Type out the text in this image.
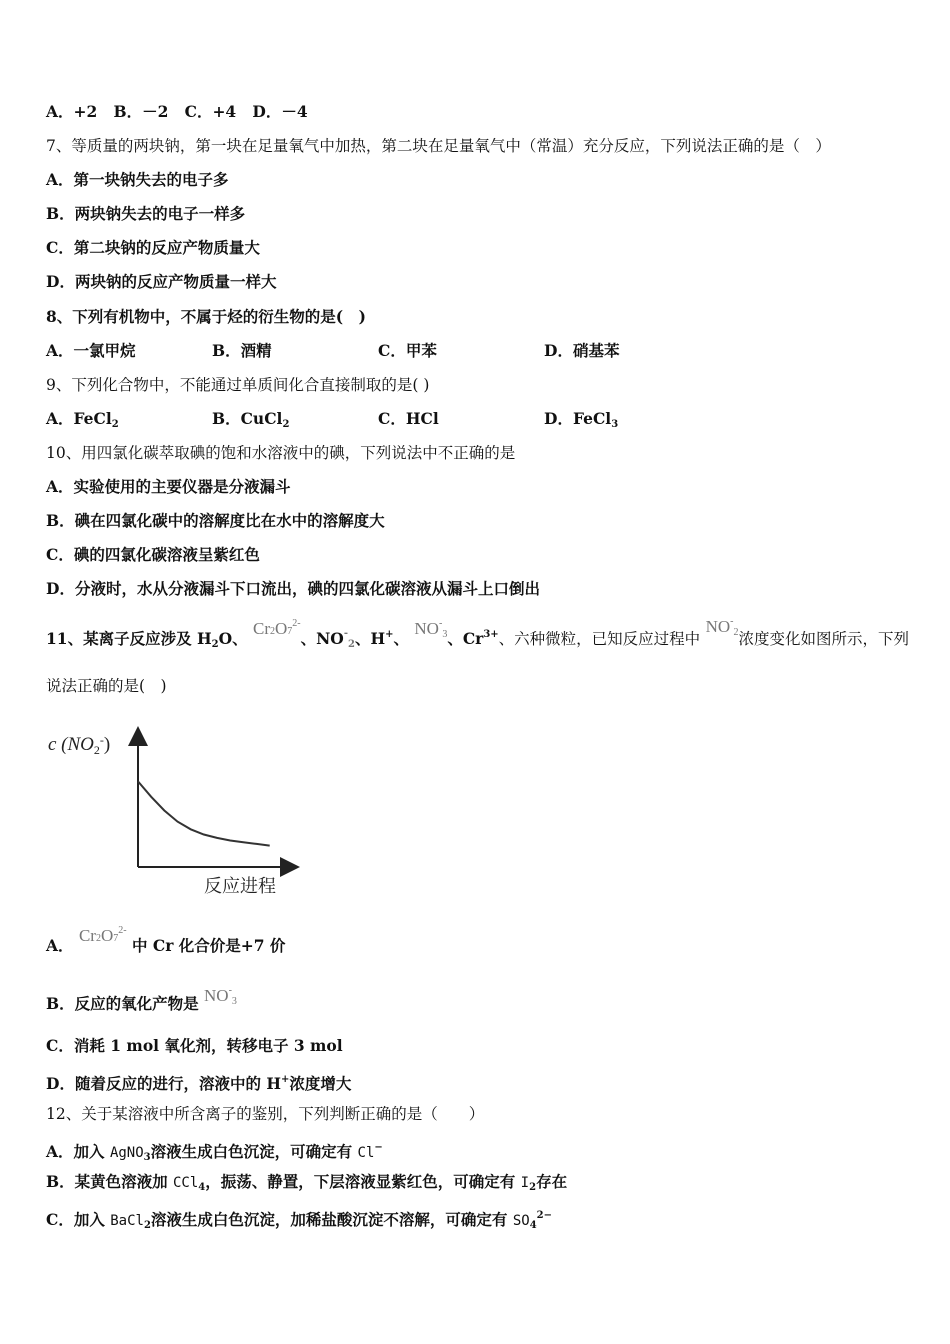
A．+2 B．－2 C．+4 D．－4
7、等质量的两块钠，第一块在足量氧气中加热，第二块在足量氧气中（常温）充分反应，下列说法正确的是（　）
A．第一块钠失去的电子多
B．两块钠失去的电子一样多
C．第二块钠的反应产物质量大
D．两块钠的反应产物质量一样大
8、下列有机物中，不属于烃的衍生物的是(　)
A．一氯甲烷	B．酒精	C．甲苯	D．硝基苯
9、下列化合物中，不能通过单质间化合直接制取的是( )
A．FeCl$_2$	B．CuCl$_2$	C．HCl	D．FeCl$_3$
10、用四氯化碳萃取碘的饱和水溶液中的碘，下列说法中不正确的是
A．实验使用的主要仪器是分液漏斗
B．碘在四氯化碳中的溶解度比在水中的溶解度大
C．碘的四氯化碳溶液呈紫红色
D．分液时，水从分液漏斗下口流出，碘的四氯化碳溶液从漏斗上口倒出
11、某离子反应涉及 $H_2O$、 $Cr2O7^{2-}$、NO-2、H+、 NO-3、$Cr^{3+}$、六种微粒，已知反应过程中 NO-2浓度变化如图所示，下列
说法正确的是(　)
c $(NO_2^-)$
反应进程
A． $Cr2O7^{2-}$ 中 Cr 化合价是+7 价
B．反应的氧化产物是 NO-3
C．消耗 1 mol 氧化剂，转移电子 3 mol
D．随着反应的进行，溶液中的 H+浓度增大
12、关于某溶液中所含离子的鉴别，下列判断正确的是（　　）
A．加入 AgNO$_3$溶液生成白色沉淀，可确定有 Cl−
B．某黄色溶液加 CCl$_4$，振荡、静置，下层溶液显紫红色，可确定有 $I_2$存在
C．加入 BaCl$_2$溶液生成白色沉淀，加稀盐酸沉淀不溶解，可确定有 $SO_4^{2-}$
